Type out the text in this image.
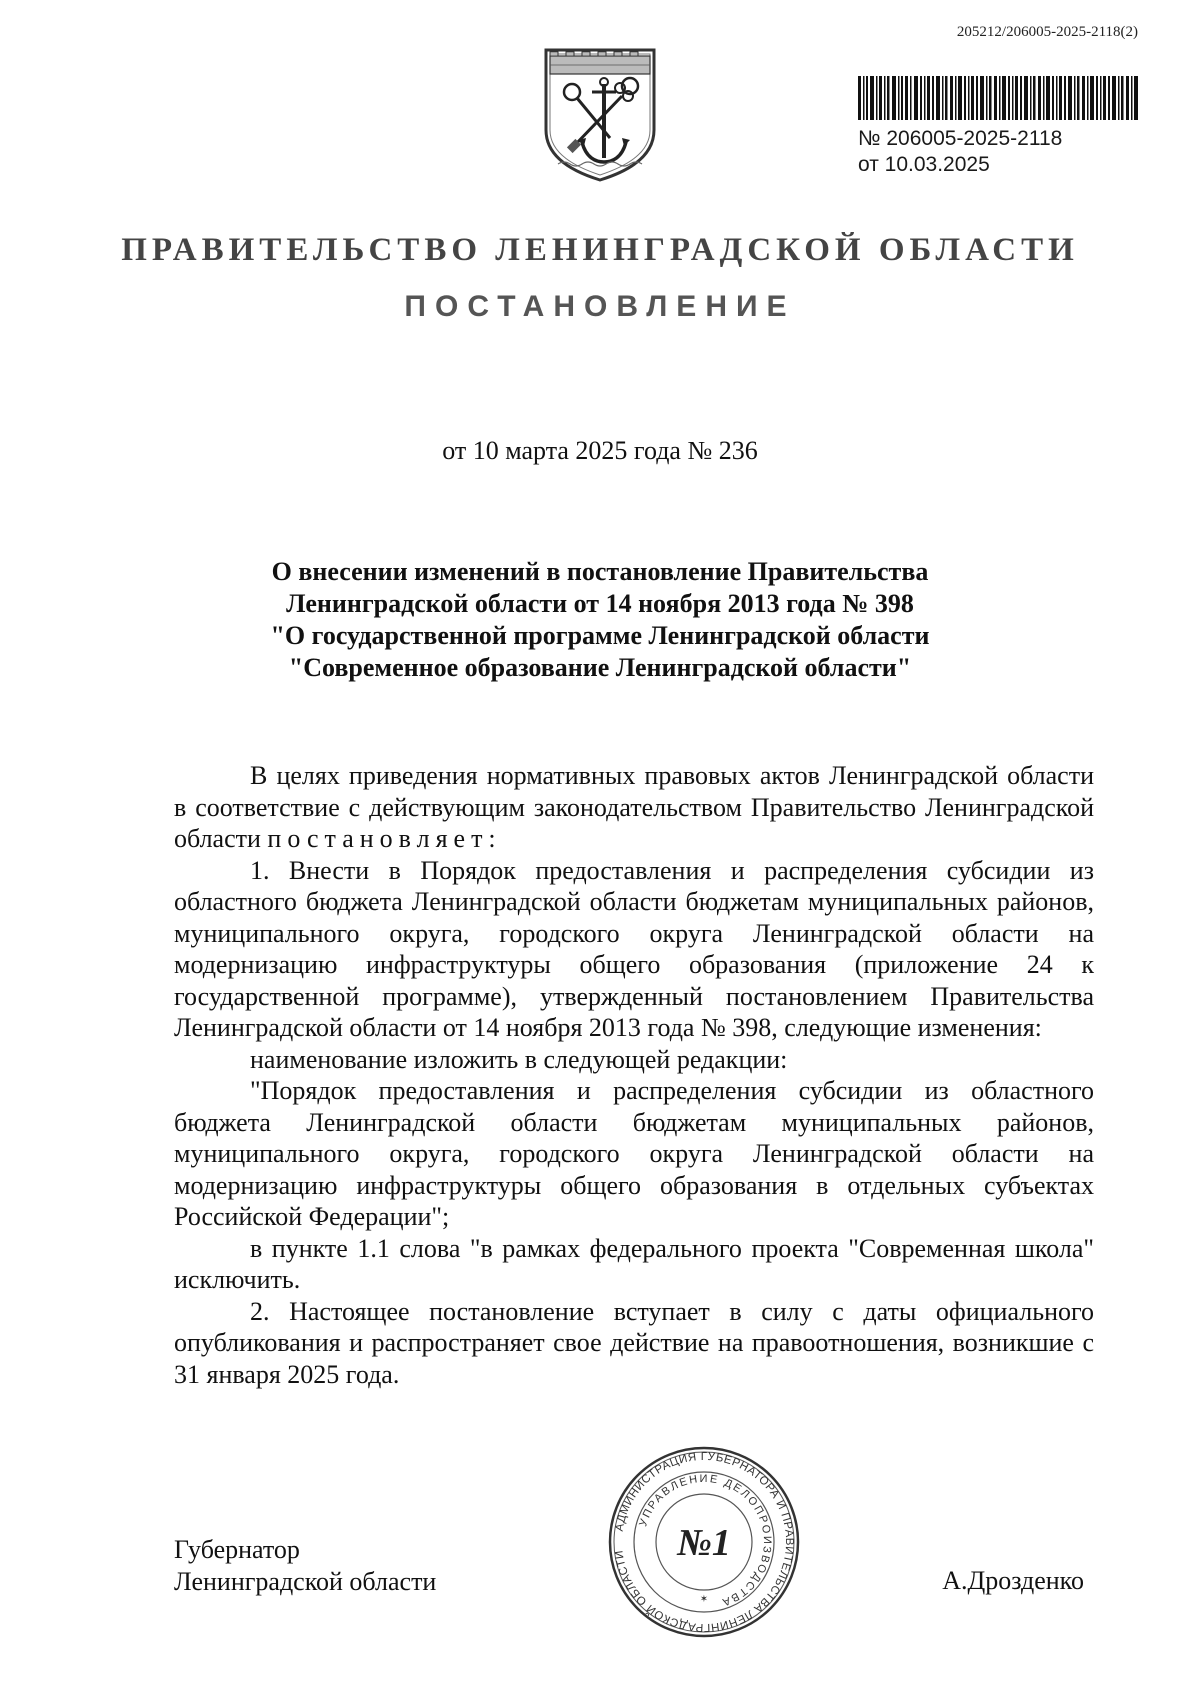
205212/206005-2025-2118(2)
№ 206005-2025-2118
от 10.03.2025
ПРАВИТЕЛЬСТВО ЛЕНИНГРАДСКОЙ ОБЛАСТИ
ПОСТАНОВЛЕНИЕ
от 10 марта 2025 года № 236
О внесении изменений в постановление Правительства
Ленинградской области от 14 ноября 2013 года № 398
"О государственной программе Ленинградской области
"Современное образование Ленинградской области"

В целях приведения нормативных правовых актов Ленинградской области в соответствие с действующим законодательством Правительство Ленинградской области постановляет:

1. Внести в Порядок предоставления и распределения субсидии из областного бюджета Ленинградской области бюджетам муниципальных районов, муниципального округа, городского округа Ленинградской области на модернизацию инфраструктуры общего образования (приложение 24 к государственной программе), утвержденный постановлением Правительства Ленинградской области от 14 ноября 2013 года № 398, следующие изменения:

наименование изложить в следующей редакции:

"Порядок предоставления и распределения субсидии из областного бюджета Ленинградской области бюджетам муниципальных районов, муниципального округа, городского округа Ленинградской области на модернизацию инфраструктуры общего образования в отдельных субъектах Российской Федерации";

в пункте 1.1 слова "в рамках федерального проекта "Современная школа" исключить.

2. Настоящее постановление вступает в силу с даты официального опубликования и распространяет свое действие на правоотношения, возникшие с 31 января 2025 года.

Губернатор
Ленинградской области
АДМИНИСТРАЦИЯ ГУБЕРНАТОРА И ПРАВИТЕЛЬСТВА ЛЕНИНГРАДСКОЙ ОБЛАСТИ
УПРАВЛЕНИЕ ДЕЛОПРОИЗВОДСТВА
№1
✶
А.Дрозденко
